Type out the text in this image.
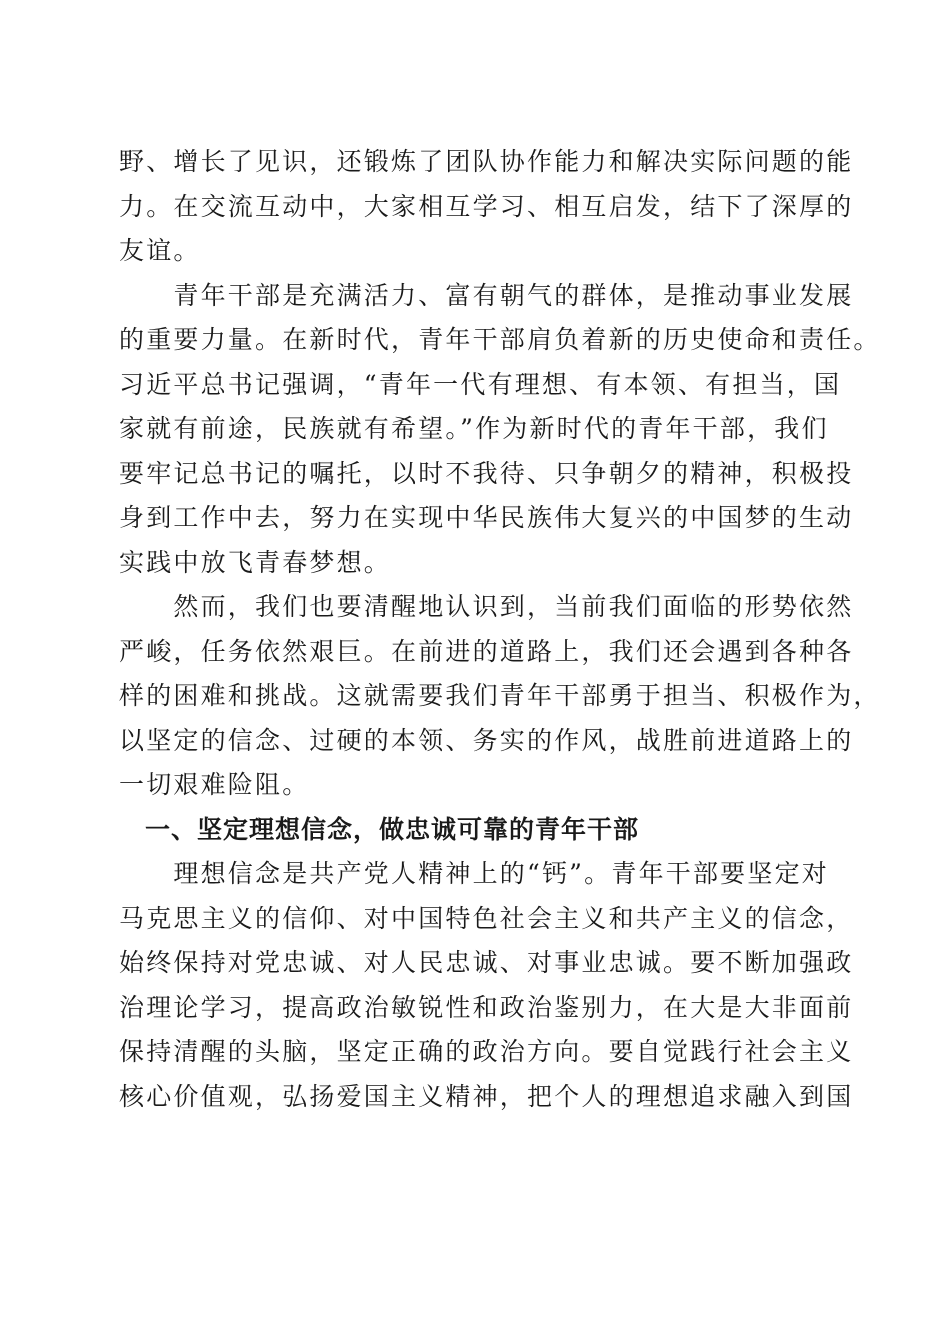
野、增长了见识，还锻炼了团队协作能力和解决实际问题的能
力。在交流互动中，大家相互学习、相互启发，结下了深厚的
友谊。
　　青年干部是充满活力、富有朝气的群体，是推动事业发展
的重要力量。在新时代，青年干部肩负着新的历史使命和责任。
习近平总书记强调，“青年一代有理想、有本领、有担当，国
家就有前途，民族就有希望。”作为新时代的青年干部，我们
要牢记总书记的嘱托，以时不我待、只争朝夕的精神，积极投
身到工作中去，努力在实现中华民族伟大复兴的中国梦的生动
实践中放飞青春梦想。
　　然而，我们也要清醒地认识到，当前我们面临的形势依然
严峻，任务依然艰巨。在前进的道路上，我们还会遇到各种各
样的困难和挑战。这就需要我们青年干部勇于担当、积极作为，
以坚定的信念、过硬的本领、务实的作风，战胜前进道路上的
一切艰难险阻。
　一、坚定理想信念，做忠诚可靠的青年干部
　　理想信念是共产党人精神上的“钙”。青年干部要坚定对
马克思主义的信仰、对中国特色社会主义和共产主义的信念，
始终保持对党忠诚、对人民忠诚、对事业忠诚。要不断加强政
治理论学习，提高政治敏锐性和政治鉴别力，在大是大非面前
保持清醒的头脑，坚定正确的政治方向。要自觉践行社会主义
核心价值观，弘扬爱国主义精神，把个人的理想追求融入到国
